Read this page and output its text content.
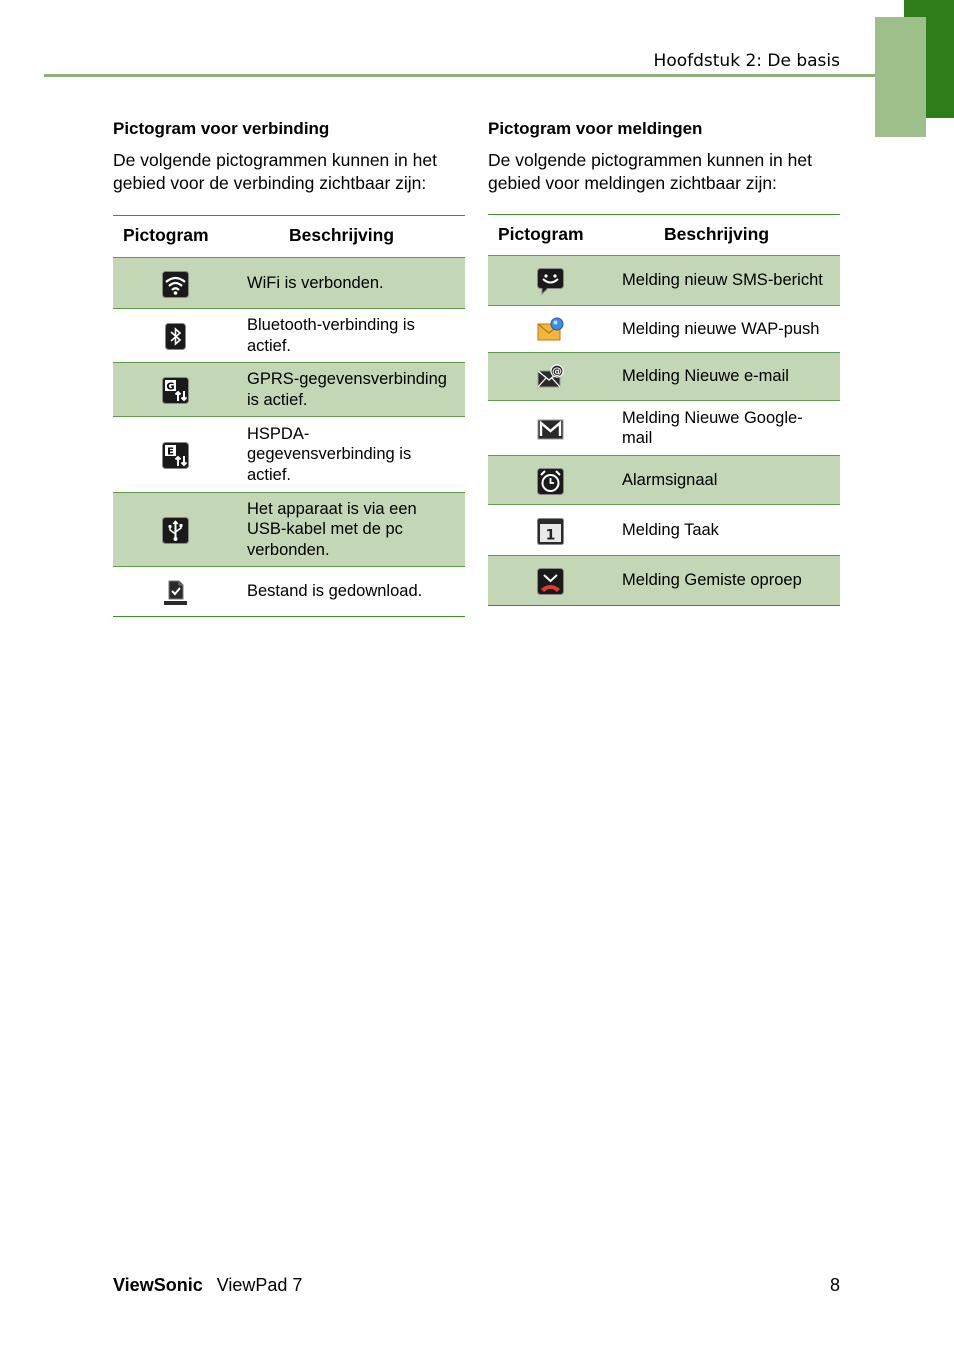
Hoofdstuk 2: De basis
Pictogram voor verbinding
De volgende pictogrammen kunnen in het gebied voor de verbinding zichtbaar zijn:
Pictogram	Beschrijving
	WiFi is verbonden.
	Bluetooth-verbinding is actief.

G	GPRS-gegevensverbinding is actief.

E	HSPDA-gegevensverbinding is actief.
	Het apparaat is via een USB-kabel met de pc verbonden.
	Bestand is gedownload.
Pictogram voor meldingen
De volgende pictogrammen kunnen in het gebied voor meldingen zichtbaar zijn:
Pictogram	Beschrijving
	Melding nieuw SMS-bericht
	Melding nieuwe WAP-push

@	Melding Nieuwe e-mail
	Melding Nieuwe Google-mail
	Alarmsignaal

1	Melding Taak
	Melding Gemiste oproep
ViewSonic ViewPad 7	8
